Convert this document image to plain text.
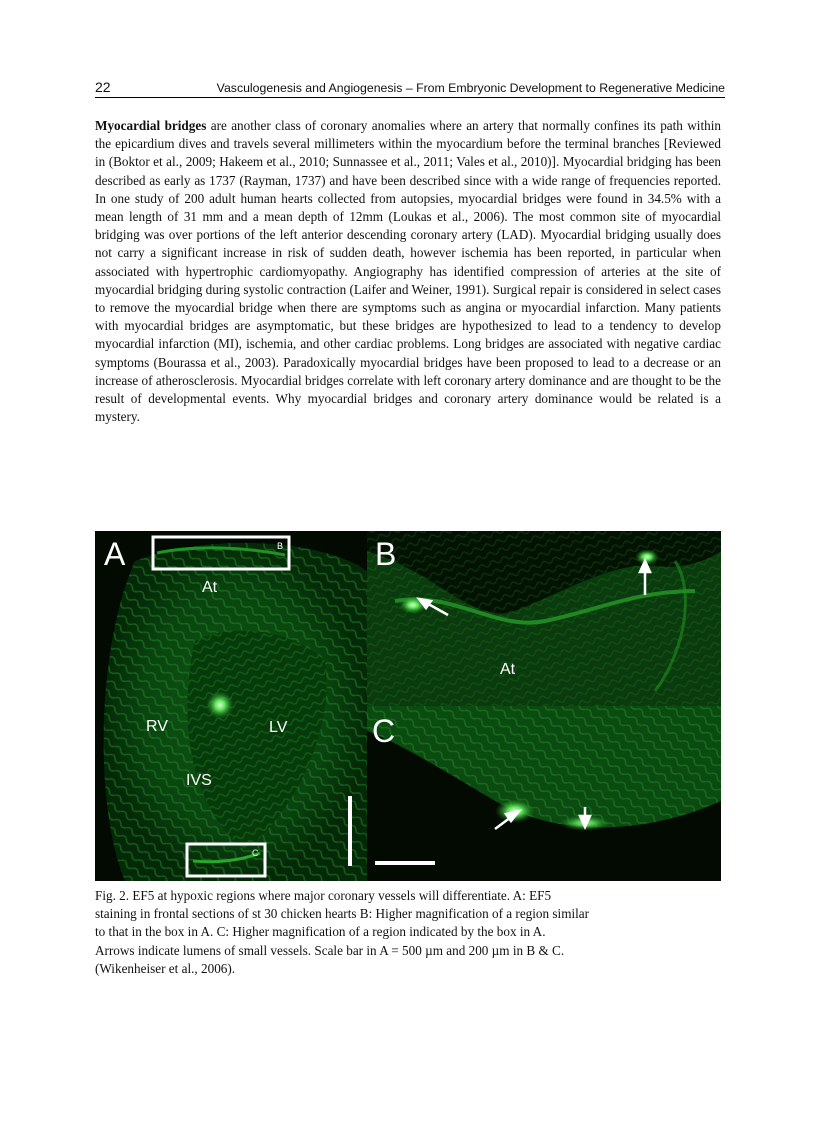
22	Vasculogenesis and Angiogenesis – From Embryonic Development to Regenerative Medicine

Myocardial bridges are another class of coronary anomalies where an artery that normally confines its path within the epicardium dives and travels several millimeters within the myocardium before the terminal branches [Reviewed in (Boktor et al., 2009; Hakeem et al., 2010; Sunnassee et al., 2011; Vales et al., 2010)]. Myocardial bridging has been described as early as 1737 (Rayman, 1737) and have been described since with a wide range of frequencies reported. In one study of 200 adult human hearts collected from autopsies, myocardial bridges were found in 34.5% with a mean length of 31 mm and a mean depth of 12mm (Loukas et al., 2006). The most common site of myocardial bridging was over portions of the left anterior descending coronary artery (LAD). Myocardial bridging usually does not carry a significant increase in risk of sudden death, however ischemia has been reported, in particular when associated with hypertrophic cardiomyopathy. Angiography has identified compression of arteries at the site of myocardial bridging during systolic contraction (Laifer and Weiner, 1991). Surgical repair is considered in select cases to remove the myocardial bridge when there are symptoms such as angina or myocardial infarction. Many patients with myocardial bridges are asymptomatic, but these bridges are hypothesized to lead to a tendency to develop myocardial infarction (MI), ischemia, and other cardiac problems. Long bridges are associated with negative cardiac symptoms (Bourassa et al., 2003). Paradoxically myocardial bridges have been proposed to lead to a decrease or an increase of atherosclerosis. Myocardial bridges correlate with left coronary artery dominance and are thought to be the result of developmental events. Why myocardial bridges and coronary artery dominance would be related is a mystery.

A	B
C
B
C
At
At
RV	LV
IVS

Fig. 2. EF5 at hypoxic regions where major coronary vessels will differentiate. A: EF5
staining in frontal sections of st 30 chicken hearts B: Higher magnification of a region similar
to that in the box in A. C: Higher magnification of a region indicated by the box in A.
Arrows indicate lumens of small vessels. Scale bar in A = 500 µm and 200 µm in B & C.
(Wikenheiser et al., 2006).
